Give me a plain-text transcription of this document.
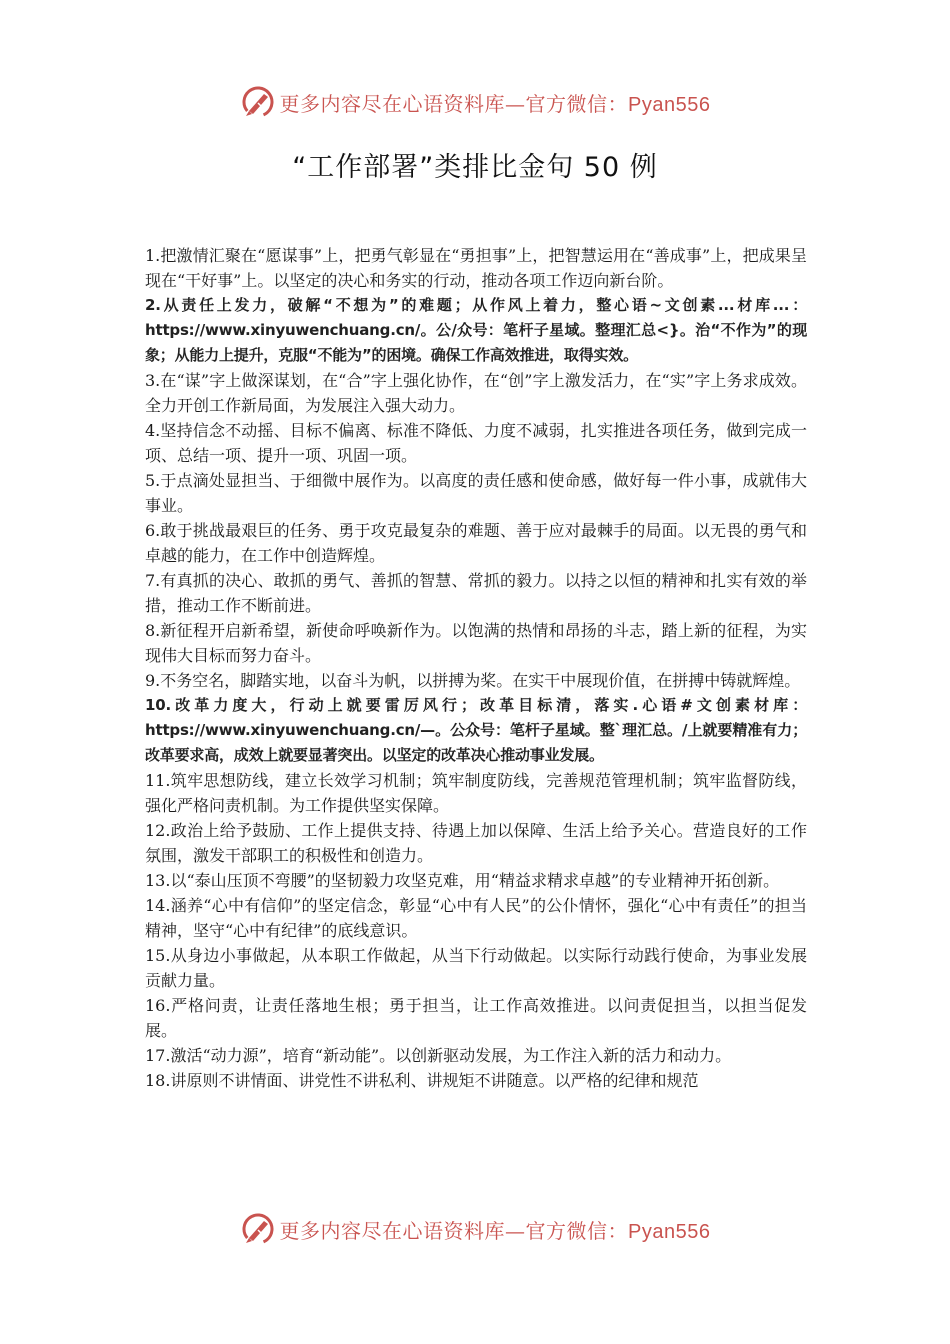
更多内容尽在心语资料库—官方微信：Pyan556
“工作部署”类排比金句 50 例

1.把激情汇聚在“愿谋事”上，把勇气彰显在“勇担事”上，把智慧运用在“善成事”上，把成果呈现在“干好事”上。以坚定的决心和务实的行动，推动各项工作迈向新台阶。

2.从责任上发力，破解“不想为”的难题；从作风上着力，整心语~文创素...材库...：https://www.xinyuwenchuang.cn/。公/众号：笔杆子星域。整理汇总<}。治“不作为”的现象；从能力上提升，克服“不能为”的困境。确保工作高效推进，取得实效。

3.在“谋”字上做深谋划，在“合”字上强化协作，在“创”字上激发活力，在“实”字上务求成效。全力开创工作新局面，为发展注入强大动力。

4.坚持信念不动摇、目标不偏离、标准不降低、力度不减弱，扎实推进各项任务，做到完成一项、总结一项、提升一项、巩固一项。

5.于点滴处显担当、于细微中展作为。以高度的责任感和使命感，做好每一件小事，成就伟大事业。

6.敢于挑战最艰巨的任务、勇于攻克最复杂的难题、善于应对最棘手的局面。以无畏的勇气和卓越的能力，在工作中创造辉煌。

7.有真抓的决心、敢抓的勇气、善抓的智慧、常抓的毅力。以持之以恒的精神和扎实有效的举措，推动工作不断前进。

8.新征程开启新希望，新使命呼唤新作为。以饱满的热情和昂扬的斗志，踏上新的征程，为实现伟大目标而努力奋斗。

9.不务空名，脚踏实地，以奋斗为帆，以拼搏为桨。在实干中展现价值，在拼搏中铸就辉煌。

10.改革力度大，行动上就要雷厉风行；改革目标清，落实.心语#文创素材库：https://www.xinyuwenchuang.cn/—。公众号：笔杆子星域。整`理汇总。/上就要精准有力；改革要求高，成效上就要显著突出。以坚定的改革决心推动事业发展。

11.筑牢思想防线，建立长效学习机制；筑牢制度防线，完善规范管理机制；筑牢监督防线，强化严格问责机制。为工作提供坚实保障。

12.政治上给予鼓励、工作上提供支持、待遇上加以保障、生活上给予关心。营造良好的工作氛围，激发干部职工的积极性和创造力。

13.以“泰山压顶不弯腰”的坚韧毅力攻坚克难，用“精益求精求卓越”的专业精神开拓创新。

14.涵养“心中有信仰”的坚定信念，彰显“心中有人民”的公仆情怀，强化“心中有责任”的担当精神，坚守“心中有纪律”的底线意识。

15.从身边小事做起，从本职工作做起，从当下行动做起。以实际行动践行使命，为事业发展贡献力量。

16.严格问责，让责任落地生根；勇于担当，让工作高效推进。以问责促担当，以担当促发展。

17.激活“动力源”，培育“新动能”。以创新驱动发展，为工作注入新的活力和动力。

18.讲原则不讲情面、讲党性不讲私利、讲规矩不讲随意。以严格的纪律和规范

更多内容尽在心语资料库—官方微信：Pyan556
